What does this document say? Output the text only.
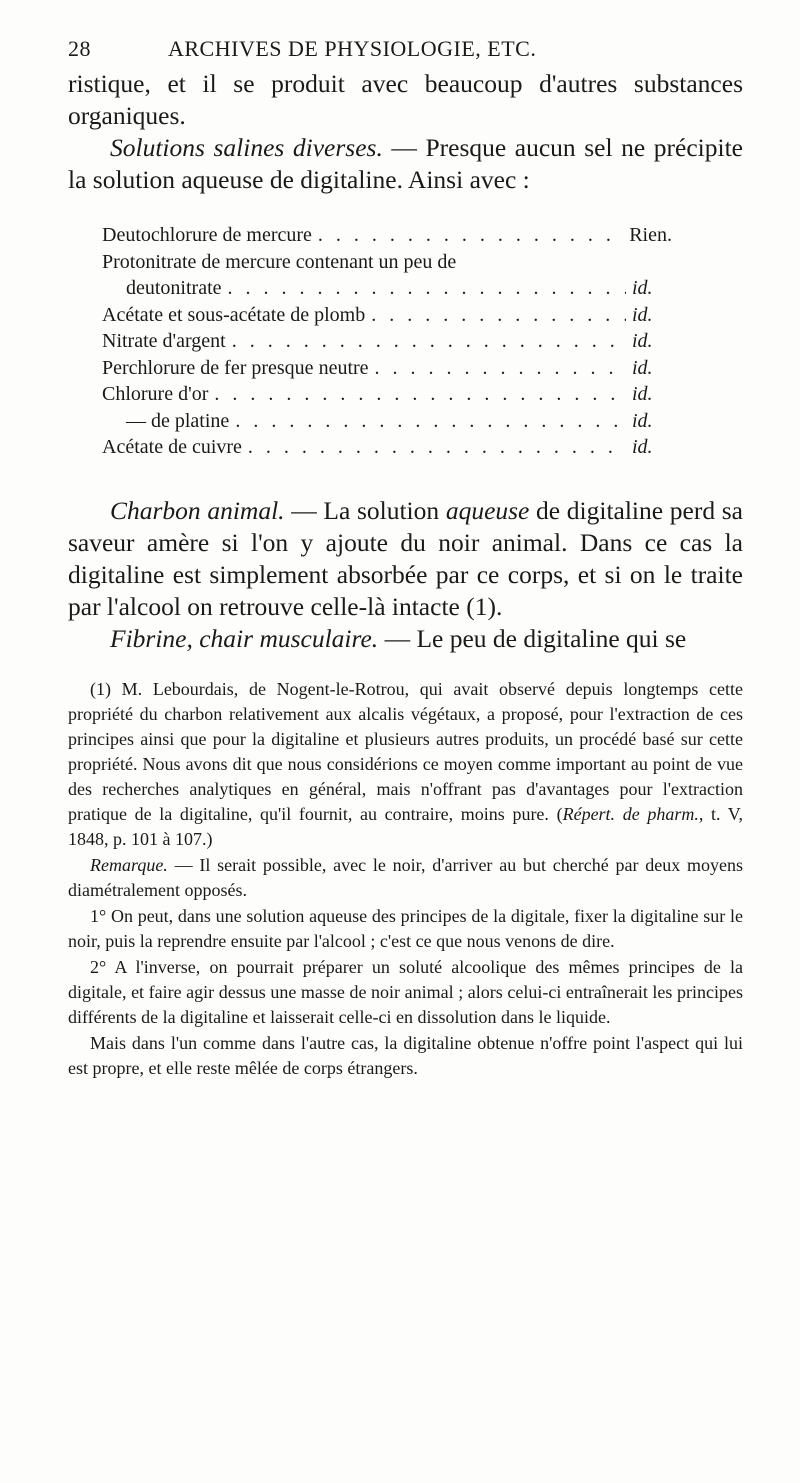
28	ARCHIVES DE PHYSIOLOGIE, ETC.

ristique, et il se produit avec beaucoup d'autres substances organiques.

Solutions salines diverses. — Presque aucun sel ne précipite la solution aqueuse de digitaline. Ainsi avec :

Deutochlorure de mercure . . .	Rien.
Protonitrate de mercure contenant un peu de
deutonitrate . . .	id.
Acétate et sous-acétate de plomb . . .	id.
Nitrate d'argent . . .	id.
Perchlorure de fer presque neutre . . .	id.
Chlorure d'or . . .	id.
— de platine . . .	id.
Acétate de cuivre . . .	id.

Charbon animal. — La solution aqueuse de digitaline perd sa saveur amère si l'on y ajoute du noir animal. Dans ce cas la digitaline est simplement absorbée par ce corps, et si on le traite par l'alcool on retrouve celle-là intacte (1).

Fibrine, chair musculaire. — Le peu de digitaline qui se

(1) M. Lebourdais, de Nogent-le-Rotrou, qui avait observé depuis longtemps cette propriété du charbon relativement aux alcalis végétaux, a proposé, pour l'extraction de ces principes ainsi que pour la digitaline et plusieurs autres produits, un procédé basé sur cette propriété. Nous avons dit que nous considérions ce moyen comme important au point de vue des recherches analytiques en général, mais n'offrant pas d'avantages pour l'extraction pratique de la digitaline, qu'il fournit, au contraire, moins pure. (Répert. de pharm., t. V, 1848, p. 101 à 107.)

Remarque. — Il serait possible, avec le noir, d'arriver au but cherché par deux moyens diamétralement opposés.

1° On peut, dans une solution aqueuse des principes de la digitale, fixer la digitaline sur le noir, puis la reprendre ensuite par l'alcool ; c'est ce que nous venons de dire.

2° A l'inverse, on pourrait préparer un soluté alcoolique des mêmes principes de la digitale, et faire agir dessus une masse de noir animal ; alors celui-ci entraînerait les principes différents de la digitaline et laisserait celle-ci en dissolution dans le liquide.

Mais dans l'un comme dans l'autre cas, la digitaline obtenue n'offre point l'aspect qui lui est propre, et elle reste mêlée de corps étrangers.
